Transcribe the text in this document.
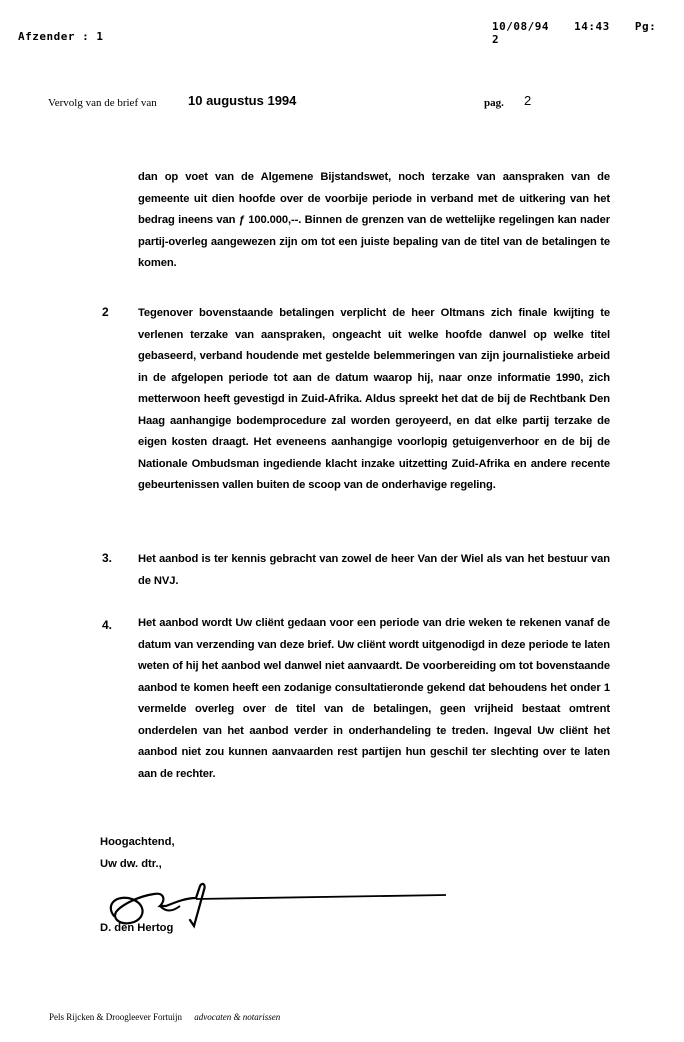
Afzender : 1
10/08/94 14:43 Pg: 2
Vervolg van de brief van 10 augustus 1994	pag. 2
dan op voet van de Algemene Bijstandswet, noch terzake van aanspraken van de gemeente uit dien hoofde over de voorbije periode in verband met de uitkering van het bedrag ineens van ƒ 100.000,--. Binnen de grenzen van de wettelijke regelingen kan nader partij-overleg aangewezen zijn om tot een juiste bepaling van de titel van de betalingen te komen.
2	Tegenover bovenstaande betalingen verplicht de heer Oltmans zich finale kwijting te verlenen terzake van aanspraken, ongeacht uit welke hoofde danwel op welke titel gebaseerd, verband houdende met gestelde belemmeringen van zijn journalistieke arbeid in de afgelopen periode tot aan de datum waarop hij, naar onze informatie 1990, zich metterwoon heeft gevestigd in Zuid-Afrika. Aldus spreekt het dat de bij de Rechtbank Den Haag aanhangige bodemprocedure zal worden geroyeerd, en dat elke partij terzake de eigen kosten draagt. Het eveneens aanhangige voorlopig getuigenverhoor en de bij de Nationale Ombudsman ingediende klacht inzake uitzetting Zuid-Afrika en andere recente gebeurtenissen vallen buiten de scoop van de onderhavige regeling.
3. Het aanbod is ter kennis gebracht van zowel de heer Van der Wiel als van het bestuur van de NVJ.
4. Het aanbod wordt Uw cliënt gedaan voor een periode van drie weken te rekenen vanaf de datum van verzending van deze brief. Uw cliënt wordt uitgenodigd in deze periode te laten weten of hij het aanbod wel danwel niet aanvaardt. De voorbereiding om tot bovenstaande aanbod te komen heeft een zodanige consultatieronde gekend dat behoudens het onder 1 vermelde overleg over de titel van de betalingen, geen vrijheid bestaat omtrent onderdelen van het aanbod verder in onderhandeling te treden. Ingeval Uw cliënt het aanbod niet zou kunnen aanvaarden rest partijen hun geschil ter slechting over te laten aan de rechter.
Hoogachtend,
Uw dw. dtr.,
D. den Hertog
Pels Rijcken & Droogleever Fortuijn advocaten & notarissen
